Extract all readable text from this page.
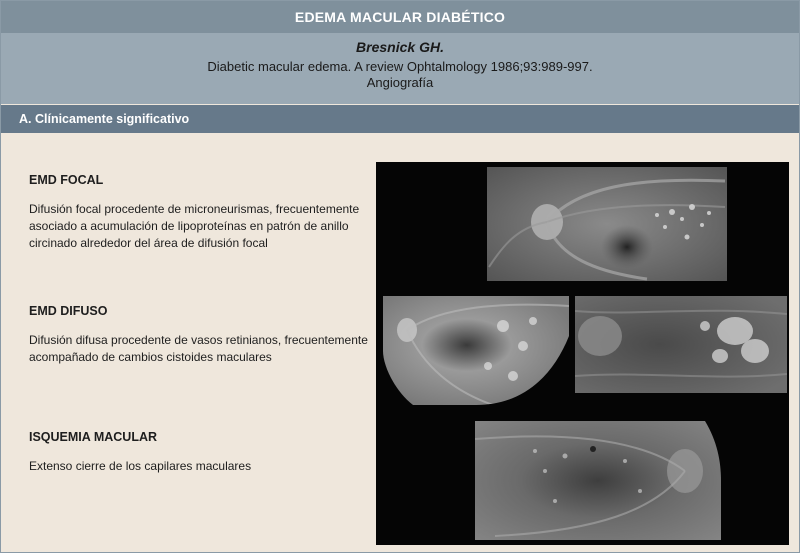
EDEMA MACULAR DIABÉTICO
Bresnick GH.
Diabetic macular edema. A review Ophtalmology 1986;93:989-997.
Angiografía
A. Clínicamente significativo
EMD FOCAL
Difusión focal procedente de microneurismas, frecuentemente asociado a acumulación de lipoproteínas en patrón de anillo circinado alrededor del área de difusión focal
EMD DIFUSO
Difusión difusa procedente de vasos retinianos, frecuentemente acompañado de cambios cistoides maculares
ISQUEMIA MACULAR
Extenso cierre de los capilares maculares
